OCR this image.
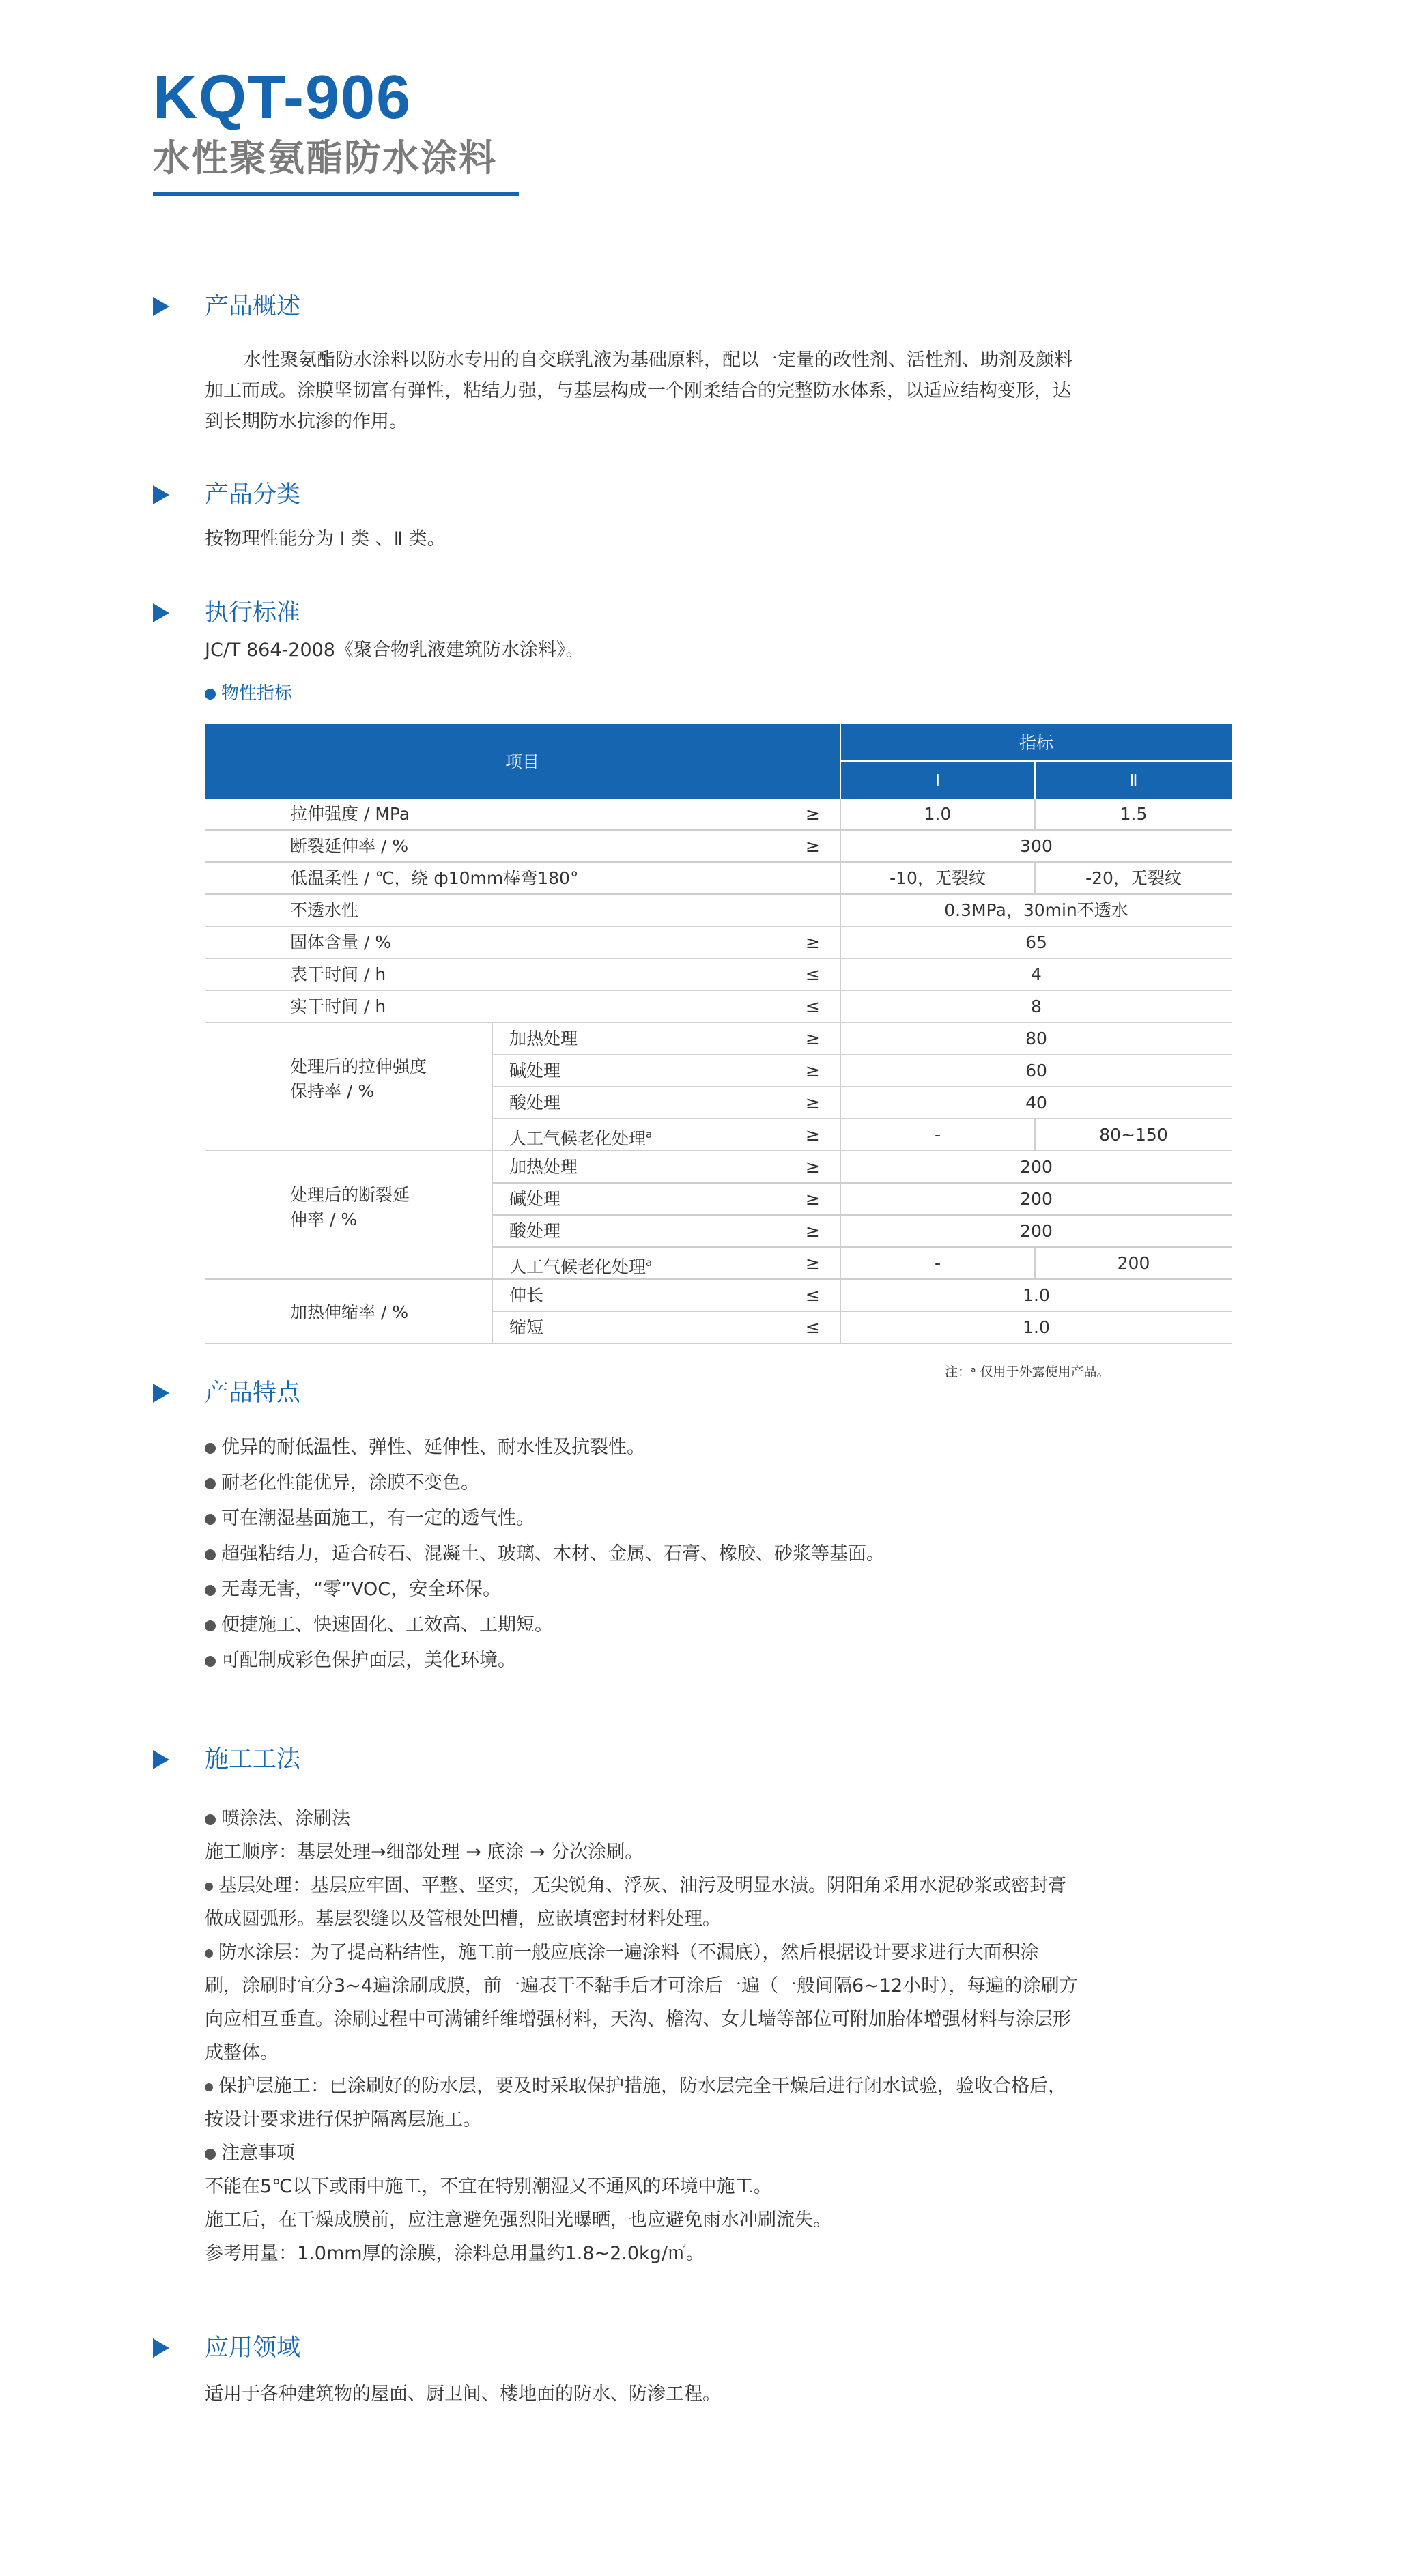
KQT-906
水性聚氨酯防水涂料
产品概述
水性聚氨酯防水涂料以防水专用的自交联乳液为基础原料，配以一定量的改性剂、活性剂、助剂及颜料
加工而成。涂膜坚韧富有弹性，粘结力强，与基层构成一个刚柔结合的完整防水体系，以适应结构变形，达
到长期防水抗渗的作用。
产品分类
按物理性能分为 Ⅰ 类 、Ⅱ 类。
执行标准
JC/T 864-2008《聚合物乳液建筑防水涂料》。
物性指标
项目
指标
Ⅰ	Ⅱ
拉伸强度 / MPa	≥	1.0	1.5
断裂延伸率 / %	≥	300
低温柔性 / ℃，绕 ф10mm棒弯180°	-10，无裂纹	-20，无裂纹
不透水性	0.3MPa，30min不透水
固体含量 / %	≥	65
表干时间 / h	≤	4
实干时间 / h	≤	8
处理后的拉伸强度
保持率 / %
加热处理	≥	80
碱处理	≥	60
酸处理	≥	40
人工气候老化处理$^a$	≥	-	80~150
处理后的断裂延
伸率 / %
加热处理	≥	200
碱处理	≥	200
酸处理	≥	200
人工气候老化处理$^a$	≥	-	200
加热伸缩率 / %
伸长	≤	1.0
缩短	≤	1.0
注：ᵃ 仅用于外露使用产品。
产品特点
优异的耐低温性、弹性、延伸性、耐水性及抗裂性。
耐老化性能优异，涂膜不变色。
可在潮湿基面施工，有一定的透气性。
超强粘结力，适合砖石、混凝土、玻璃、木材、金属、石膏、橡胶、砂浆等基面。
无毒无害，“零”VOC，安全环保。
便捷施工、快速固化、工效高、工期短。
可配制成彩色保护面层，美化环境。
施工工法
喷涂法、涂刷法
施工顺序：基层处理→细部处理 → 底涂 → 分次涂刷。
基层处理：基层应牢固、平整、坚实，无尖锐角、浮灰、油污及明显水渍。阴阳角采用水泥砂浆或密封膏
做成圆弧形。基层裂缝以及管根处凹槽，应嵌填密封材料处理。
防水涂层：为了提高粘结性，施工前一般应底涂一遍涂料（不漏底），然后根据设计要求进行大面积涂
刷，涂刷时宜分3~4遍涂刷成膜，前一遍表干不黏手后才可涂后一遍（一般间隔6~12小时），每遍的涂刷方
向应相互垂直。涂刷过程中可满铺纤维增强材料，天沟、檐沟、女儿墙等部位可附加胎体增强材料与涂层形
成整体。
保护层施工：已涂刷好的防水层，要及时采取保护措施，防水层完全干燥后进行闭水试验，验收合格后，
按设计要求进行保护隔离层施工。
注意事项
不能在5℃以下或雨中施工，不宜在特别潮湿又不通风的环境中施工。
施工后，在干燥成膜前，应注意避免强烈阳光曝晒，也应避免雨水冲刷流失。
参考用量：1.0mm厚的涂膜，涂料总用量约1.8~2.0kg/㎡。
应用领域
适用于各种建筑物的屋面、厨卫间、楼地面的防水、防渗工程。
